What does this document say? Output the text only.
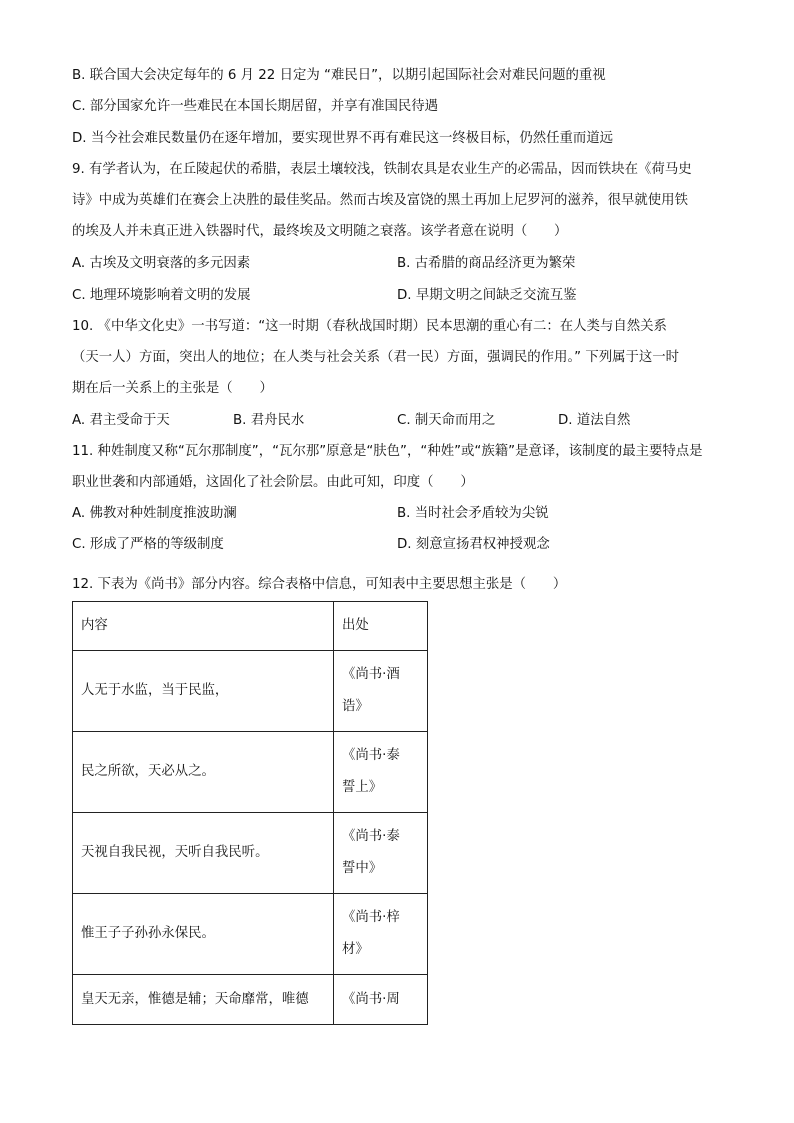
B. 联合国大会决定每年的 6 月 22 日定为 “难民日”，以期引起国际社会对难民问题的重视
C. 部分国家允许一些难民在本国长期居留，并享有准国民待遇
D. 当今社会难民数量仍在逐年增加，要实现世界不再有难民这一终极目标，仍然任重而道远
9. 有学者认为，在丘陵起伏的希腊，表层土壤较浅，铁制农具是农业生产的必需品，因而铁块在《荷马史
诗》中成为英雄们在赛会上决胜的最佳奖品。然而古埃及富饶的黑土再加上尼罗河的滋养，很早就使用铁
的埃及人并未真正进入铁器时代，最终埃及文明随之衰落。该学者意在说明（　　）
A. 古埃及文明衰落的多元因素	B. 古希腊的商品经济更为繁荣
C. 地理环境影响着文明的发展	D. 早期文明之间缺乏交流互鉴
10. 《中华文化史》一书写道：“这一时期（春秋战国时期）民本思潮的重心有二：在人类与自然关系
（天一人）方面，突出人的地位；在人类与社会关系（君一民）方面，强调民的作用。” 下列属于这一时
期在后一关系上的主张是（　　）
A. 君主受命于天	B. 君舟民水	C. 制天命而用之	D. 道法自然
11. 种姓制度又称“瓦尔那制度”，“瓦尔那”原意是“肤色”，“种姓”或“族籍”是意译，该制度的最主要特点是
职业世袭和内部通婚，这固化了社会阶层。由此可知，印度（　　）
A. 佛教对种姓制度推波助澜	B. 当时社会矛盾较为尖锐
C. 形成了严格的等级制度	D. 刻意宣扬君权神授观念
12. 下表为《尚书》部分内容。综合表格中信息，可知表中主要思想主张是（　　）
内容	出处
人无于水监，当于民监，	《尚书·酒
诰》

民之所欲，天必从之。	《尚书·泰
誓上》

天视自我民视，天听自我民听。	《尚书·泰
誓中》

惟王子子孙孙永保民。	《尚书·梓
材》

皇天无亲，惟德是辅；天命靡常，唯德	《尚书·周
